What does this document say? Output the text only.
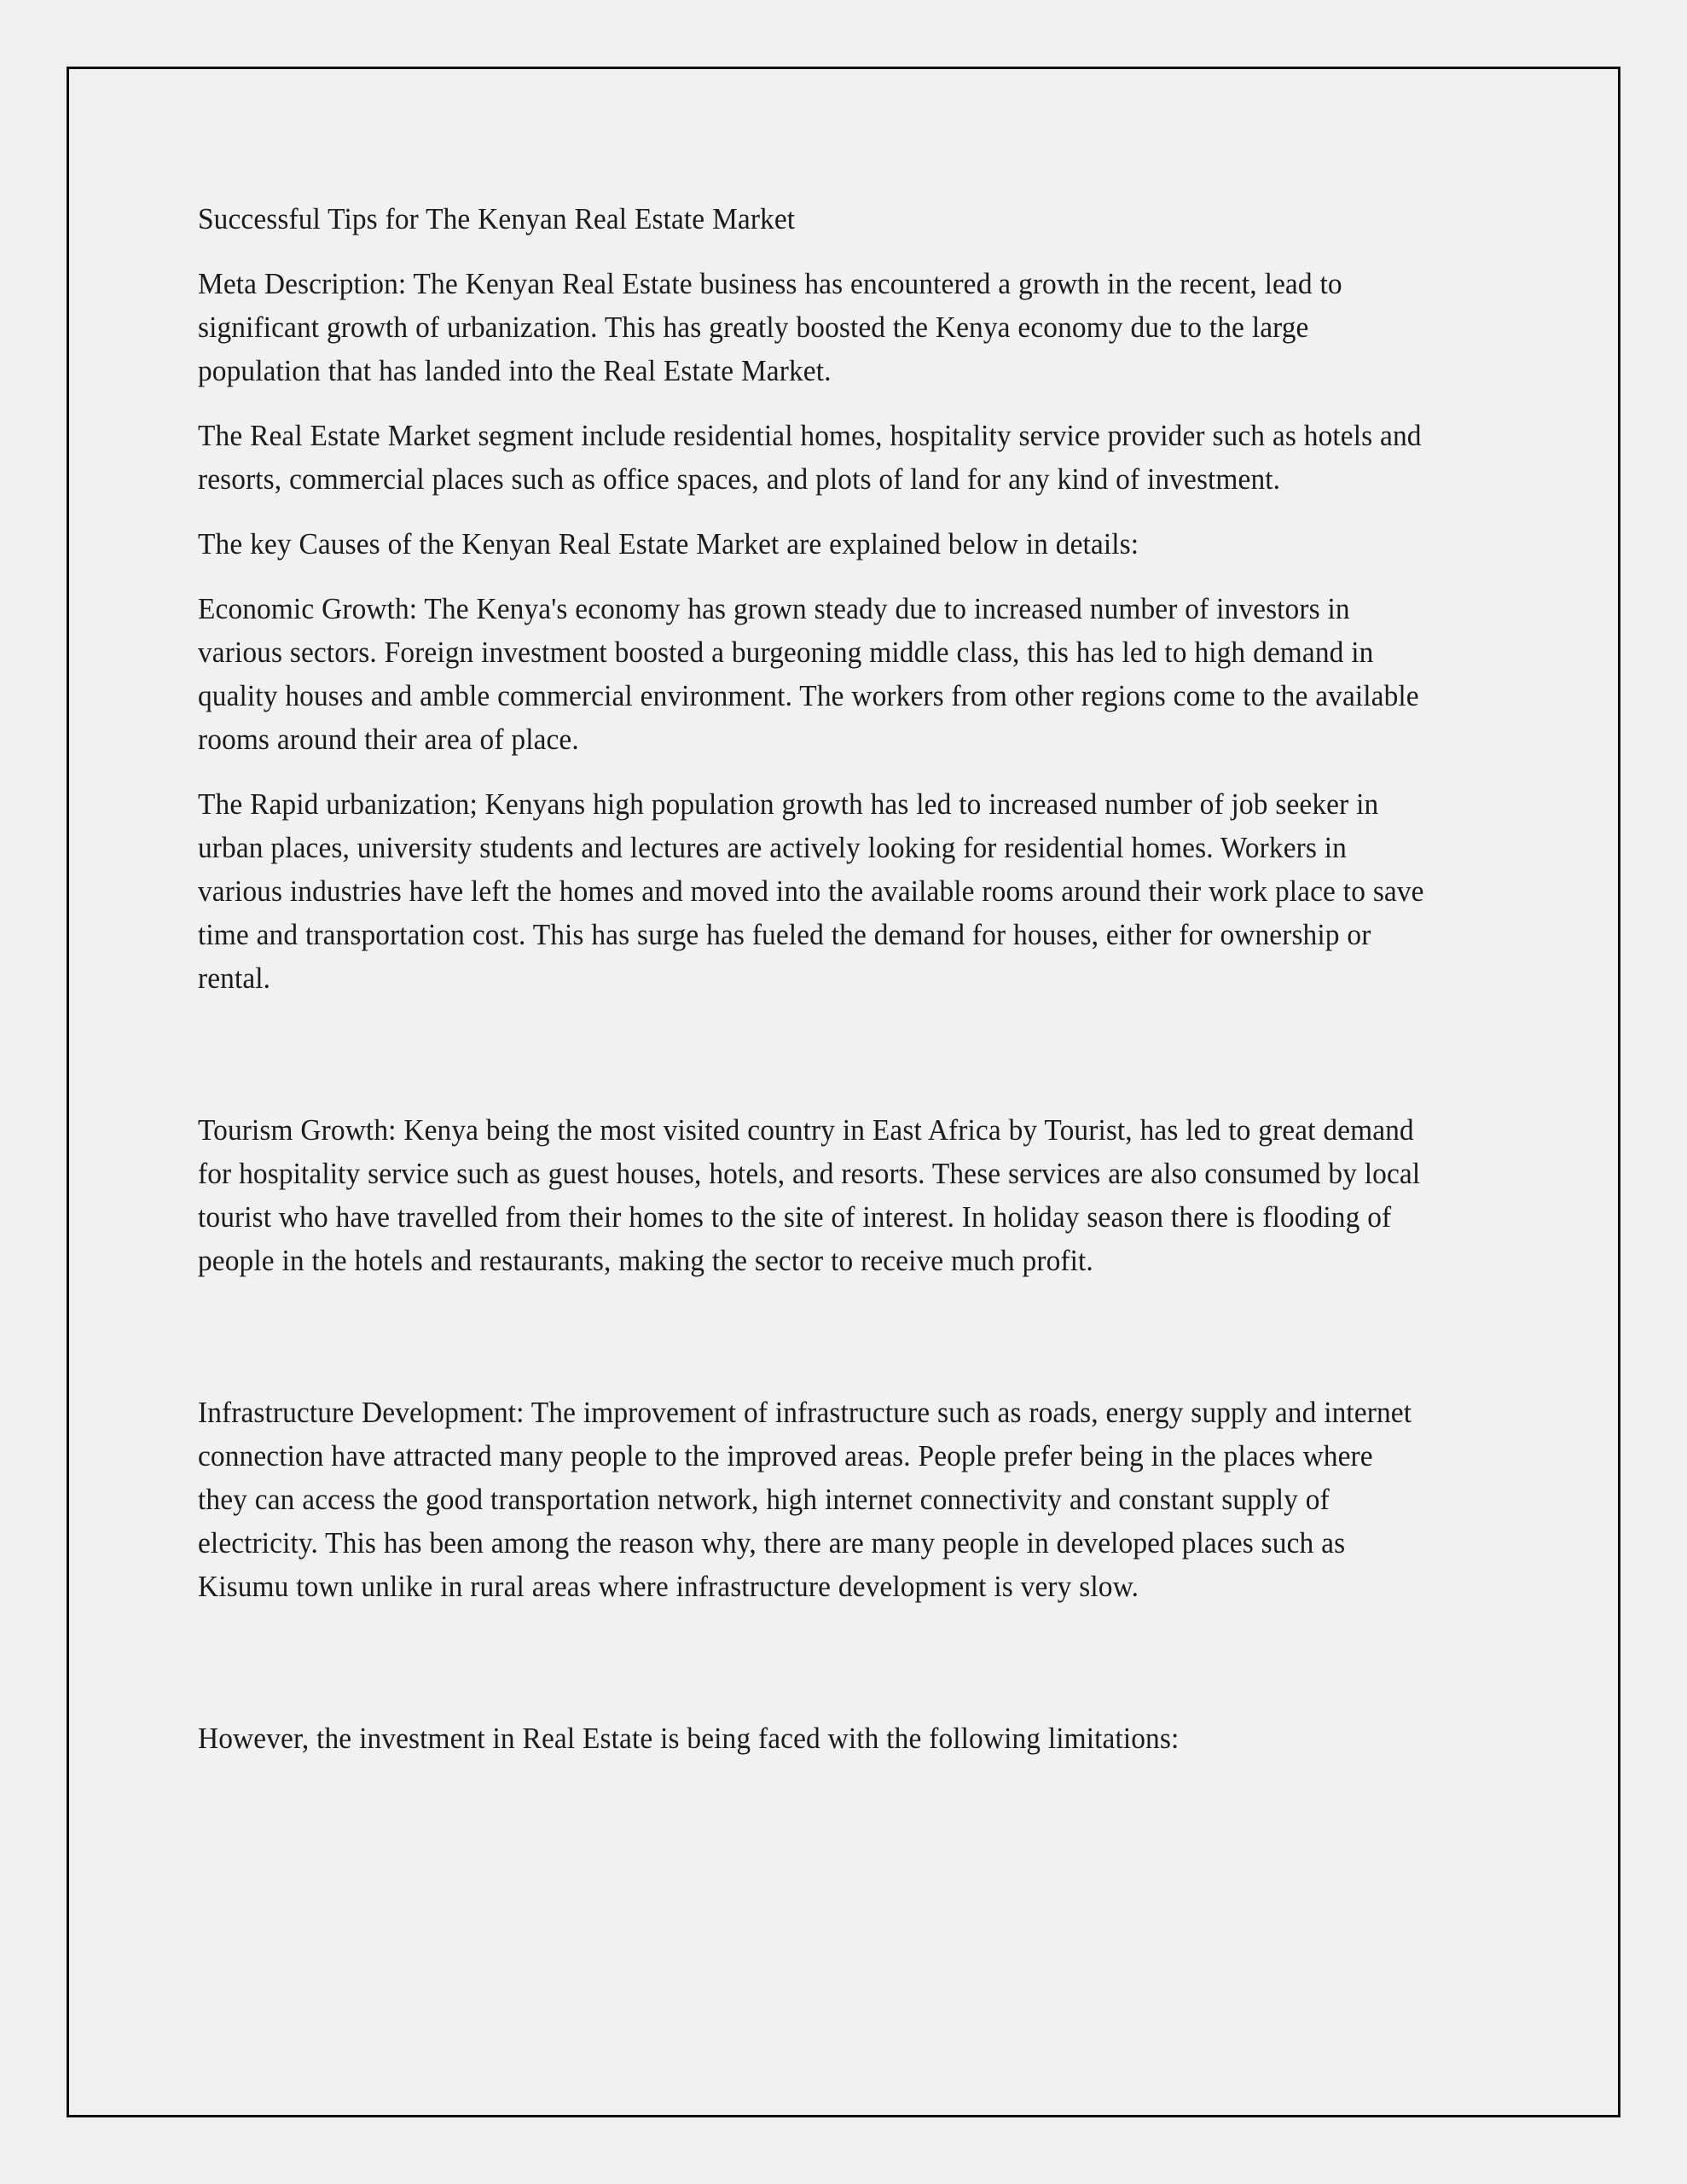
Successful Tips for The Kenyan Real Estate Market

Meta Description: The Kenyan Real Estate business has encountered a growth in the recent, lead to significant growth of urbanization. This has greatly boosted the Kenya economy due to the large population that has landed into the Real Estate Market.

The Real Estate Market segment include residential homes, hospitality service provider such as hotels and resorts, commercial places such as office spaces, and plots of land for any kind of investment.

The key Causes of the Kenyan Real Estate Market are explained below in details:

Economic Growth: The Kenya's economy has grown steady due to increased number of investors in various sectors. Foreign investment boosted a burgeoning middle class, this has led to high demand in quality houses and amble commercial environment. The workers from other regions come to the available rooms around their area of place.

The Rapid urbanization; Kenyans high population growth has led to increased number of job seeker in urban places, university students and lectures are actively looking for residential homes. Workers in various industries have left the homes and moved into the available rooms around their work place to save time and transportation cost. This has surge has fueled the demand for houses, either for ownership or rental.

Tourism Growth: Kenya being the most visited country in East Africa by Tourist, has led to great demand for hospitality service such as guest houses, hotels, and resorts. These services are also consumed by local tourist who have travelled from their homes to the site of interest. In holiday season there is flooding of people in the hotels and restaurants, making the sector to receive much profit.

Infrastructure Development: The improvement of infrastructure such as roads, energy supply and internet connection have attracted many people to the improved areas. People prefer being in the places where they can access the good transportation network, high internet connectivity and constant supply of electricity. This has been among the reason why, there are many people in developed places such as Kisumu town unlike in rural areas where infrastructure development is very slow.

However, the investment in Real Estate is being faced with the following limitations:
